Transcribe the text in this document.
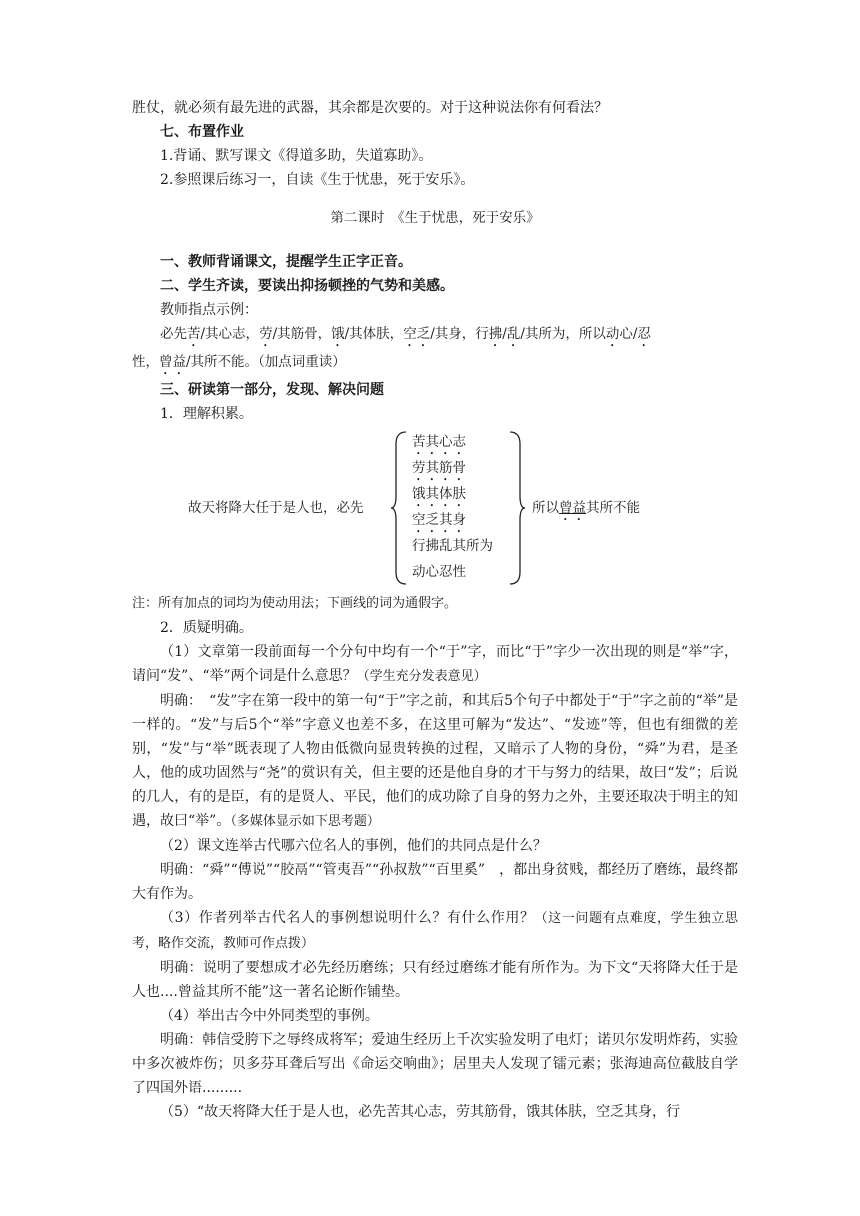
胜仗，就必须有最先进的武器，其余都是次要的。对于这种说法你有何看法？

七、布置作业

1.背诵、默写课文《得道多助，失道寡助》。

2.参照课后练习一，自读《生于忧患，死于安乐》。

第二课时　《生于忧患，死于安乐》

一、教师背诵课文，提醒学生正字正音。

二、学生齐读，要读出抑扬顿挫的气势和美感。

教师指点示例：

必先苦/其心志，劳/其筋骨，饿/其体肤，空乏/其身，行拂/乱/其所为，所以动心/忍

性，曾益/其所不能。（加点词重读）

三、研读第一部分，发现、解决问题

1．理解积累。

故天将降大任于是人也，必先
苦其心志
劳其筋骨
饿其体肤
空乏其身
行拂乱其所为
动心忍性
所以曾益其所不能

注：所有加点的词均为使动用法；下画线的词为通假字。

2．质疑明确。

（1）文章第一段前面每一个分句中均有一个“于”字，而比“于”字少一次出现的则是“举”字，请问“发”、“举”两个词是什么意思？（学生充分发表意见）

明确：　“发”字在第一段中的第一句“于”字之前，和其后5个句子中都处于“于”字之前的“举”是一样的。“发”与后5个“举”字意义也差不多，在这里可解为“发达”、“发迹”等，但也有细微的差别，“发”与“举”既表现了人物由低微向显贵转换的过程，又暗示了人物的身份，“舜”为君，是圣人，他的成功固然与“尧”的赏识有关，但主要的还是他自身的才干与努力的结果，故曰“发”；后说的几人，有的是臣，有的是贤人、平民，他们的成功除了自身的努力之外，主要还取决于明主的知遇，故曰“举”。（多媒体显示如下思考题）

（2）课文连举古代哪六位名人的事例，他们的共同点是什么？

明确：“舜”“傅说”“胶鬲”“管夷吾”“孙叔敖”“百里奚”　，都出身贫贱，都经历了磨练，最终都大有作为。

（3）作者列举古代名人的事例想说明什么？有什么作用？（这一问题有点难度，学生独立思考，略作交流，教师可作点拨）

明确：说明了要想成才必先经历磨练；只有经过磨练才能有所作为。为下文“天将降大任于是人也....曾益其所不能”这一著名论断作铺垫。

（4）举出古今中外同类型的事例。

明确：韩信受胯下之辱终成将军；爱迪生经历上千次实验发明了电灯；诺贝尔发明炸药，实验中多次被炸伤；贝多芬耳聋后写出《命运交响曲》；居里夫人发现了镭元素；张海迪高位截肢自学了四国外语.........

（5）“故天将降大任于是人也，必先苦其心志，劳其筋骨，饿其体肤，空乏其身，行
